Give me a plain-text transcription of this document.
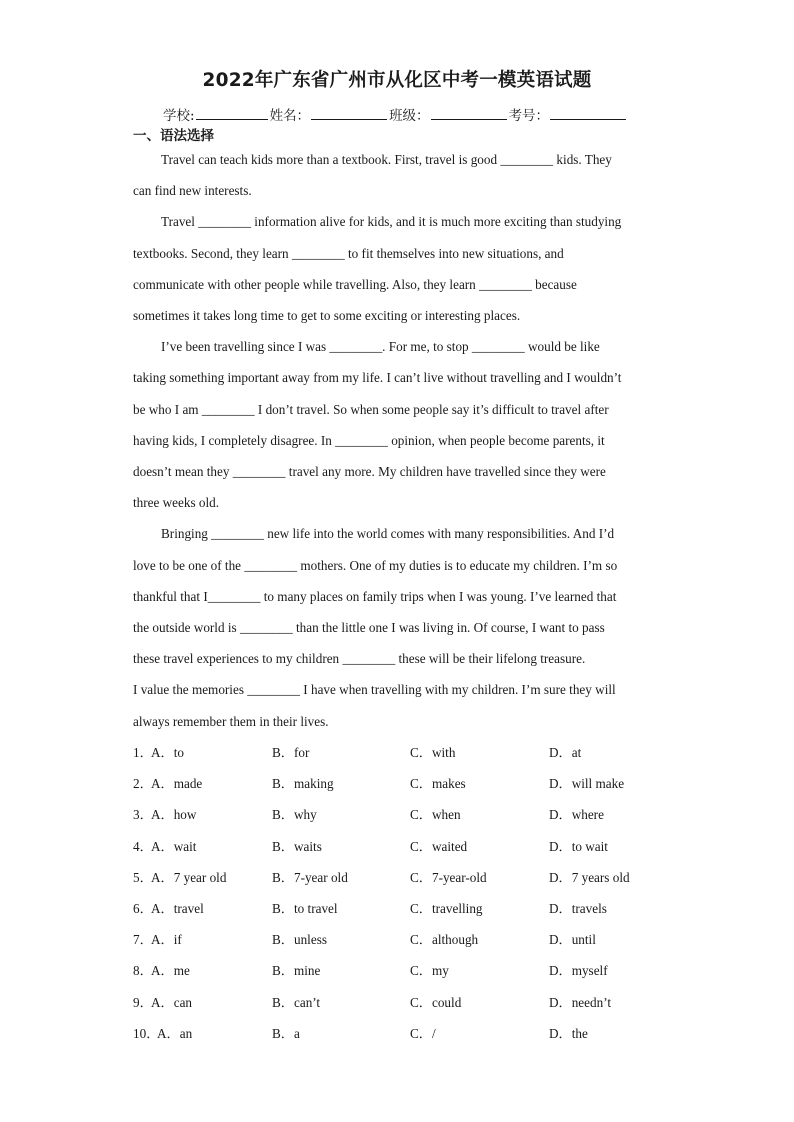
2022年广东省广州市从化区中考一模英语试题
学校:	姓名：	班级：	考号：
一、语法选择

Travel can teach kids more than a textbook. First, travel is good ________ kids. They
can find new interests.

Travel ________ information alive for kids, and it is much more exciting than studying
textbooks. Second, they learn ________ to fit themselves into new situations, and
communicate with other people while travelling. Also, they learn ________ because
sometimes it takes long time to get to some exciting or interesting places.

I’ve been travelling since I was ________. For me, to stop ________ would be like
taking something important away from my life. I can’t live without travelling and I wouldn’t
be who I am ________ I don’t travel. So when some people say it’s difficult to travel after
having kids, I completely disagree. In ________ opinion, when people become parents, it
doesn’t mean they ________ travel any more. My children have travelled since they were
three weeks old.

Bringing ________ new life into the world comes with many responsibilities. And I’d
love to be one of the ________ mothers. One of my duties is to educate my children. I’m so
thankful that I________ to many places on family trips when I was young. I’ve learned that
the outside world is ________ than the little one I was living in. Of course, I want to pass
these travel experiences to my children ________ these will be their lifelong treasure.
I value the memories ________ I have when travelling with my children. I’m sure they will
always remember them in their lives.

1．
A．to	B．for	C．with	D．at
2．
A．made	B．making	C．makes	D．will make
3．
A．how	B．why	C．when	D．where
4．
A．wait	B．waits	C．waited	D．to wait
5．
A．7 year old	B．7-year old	C．7-year-old	D．7 years old
6．
A．travel	B．to travel	C．travelling	D．travels
7．
A．if	B．unless	C．although	D．until
8．
A．me	B．mine	C．my	D．myself
9．
A．can	B．can’t	C．could	D．needn’t
10．
A．an	B．a	C．/	D．the
